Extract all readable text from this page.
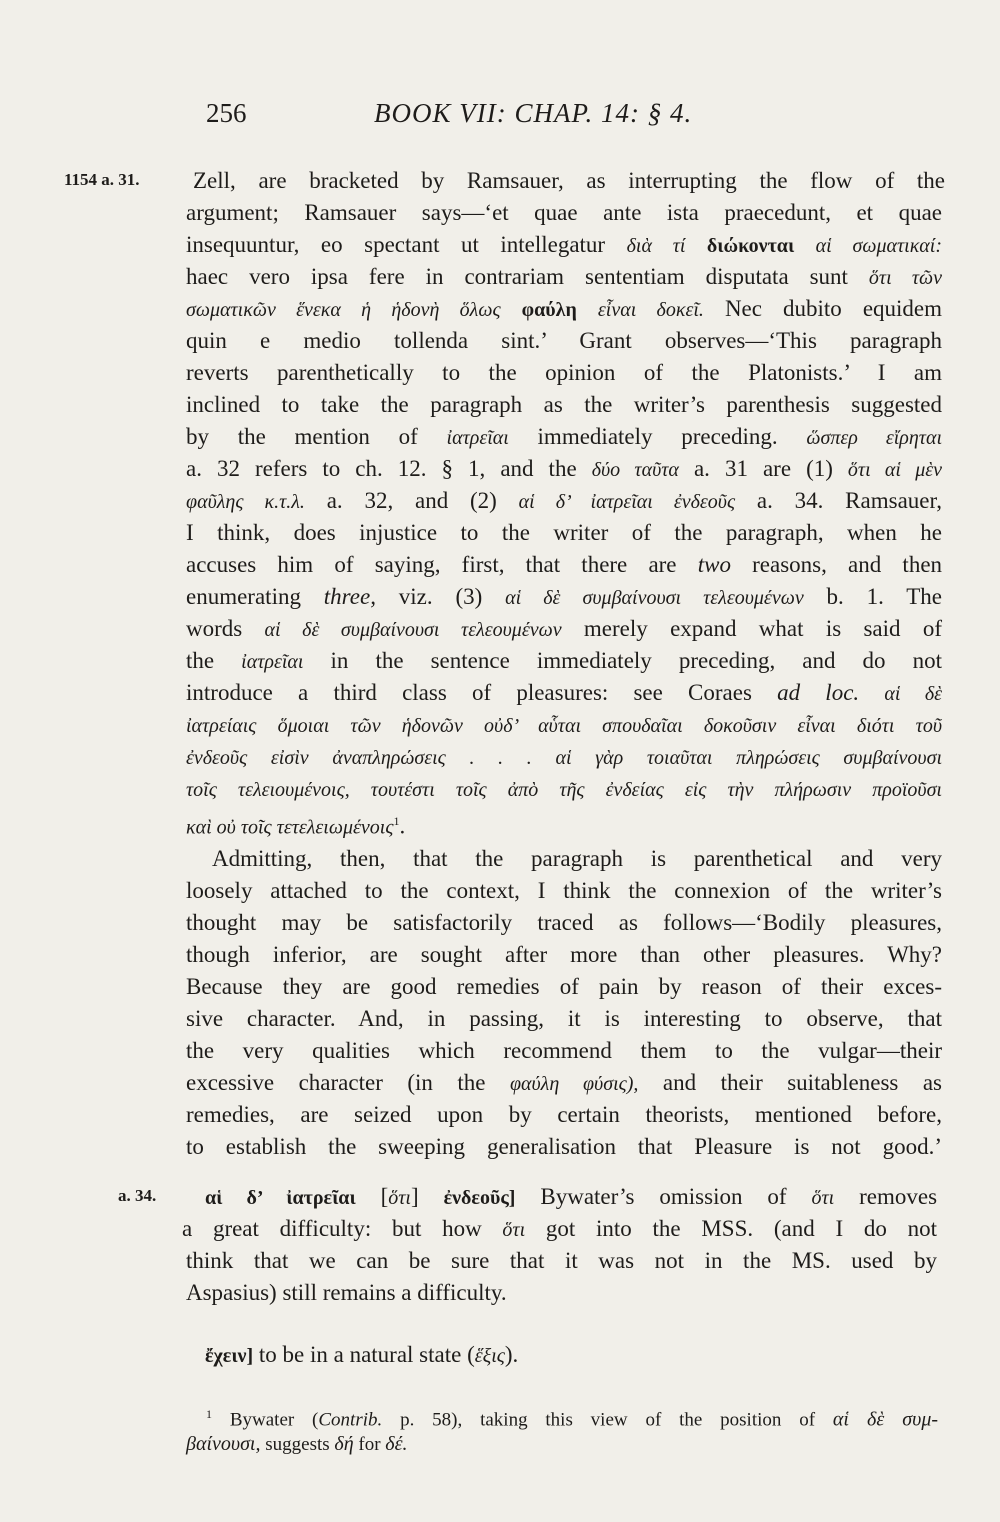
256	BOOK VII: CHAP. 14: § 4.
1154 a. 31.
a. 34.
Zell, are bracketed by Ramsauer, as interrupting the flow of the
argument; Ramsauer says—‘et quae ante ista praecedunt, et quae
insequuntur, eo spectant ut intellegatur διὰ τί διώκονται αἱ σωματικαί:
haec vero ipsa fere in contrariam sententiam disputata sunt ὅτι τῶν
σωματικῶν ἕνεκα ἡ ἡδονὴ ὅλως φαύλη εἶναι δοκεῖ. Nec dubito equidem
quin e medio tollenda sint.’ Grant observes—‘This paragraph
reverts parenthetically to the opinion of the Platonists.’ I am
inclined to take the paragraph as the writer’s parenthesis suggested
by the mention of ἰατρεῖαι immediately preceding. ὥσπερ εἴρηται
a. 32 refers to ch. 12. § 1, and the δύο ταῦτα a. 31 are (1) ὅτι αἱ μὲν
φαῦλης κ.τ.λ. a. 32, and (2) αἱ δ’ ἰατρεῖαι ἐνδεοῦς a. 34. Ramsauer,
I think, does injustice to the writer of the paragraph, when he
accuses him of saying, first, that there are two reasons, and then
enumerating three, viz. (3) αἱ δὲ συμβαίνουσι τελεουμένων b. 1. The
words αἱ δὲ συμβαίνουσι τελεουμένων merely expand what is said of
the ἰατρεῖαι in the sentence immediately preceding, and do not
introduce a third class of pleasures: see Coraes ad loc. αἱ δὲ
ἰατρείαις ὅμοιαι τῶν ἡδονῶν οὐδ’ αὗται σπουδαῖαι δοκοῦσιν εἶναι διότι τοῦ
ἐνδεοῦς εἰσὶν ἀναπληρώσεις . . . αἱ γὰρ τοιαῦται πληρώσεις συμβαίνουσι
τοῖς τελειουμένοις, τουτέστι τοῖς ἀπὸ τῆς ἐνδείας εἰς τὴν πλήρωσιν προϊοῦσι
καὶ οὐ τοῖς τετελειωμένοις$^1$.
Admitting, then, that the paragraph is parenthetical and very
loosely attached to the context, I think the connexion of the writer’s
thought may be satisfactorily traced as follows—‘Bodily pleasures,
though inferior, are sought after more than other pleasures. Why?
Because they are good remedies of pain by reason of their exces-
sive character. And, in passing, it is interesting to observe, that
the very qualities which recommend them to the vulgar—their
excessive character (in the φαύλη φύσις), and their suitableness as
remedies, are seized upon by certain theorists, mentioned before,
to establish the sweeping generalisation that Pleasure is not good.’
αἱ δ’ ἰατρεῖαι [ὅτι] ἐνδεοῦς] Bywater’s omission of ὅτι removes
a great difficulty: but how ὅτι got into the MSS. (and I do not
think that we can be sure that it was not in the MS. used by
Aspasius) still remains a difficulty.
ἔχειν] to be in a natural state (ἕξις).
$^1$ Bywater (Contrib. p. 58), taking this view of the position of αἱ δὲ συμ-
βαίνουσι, suggests δή for δέ.
